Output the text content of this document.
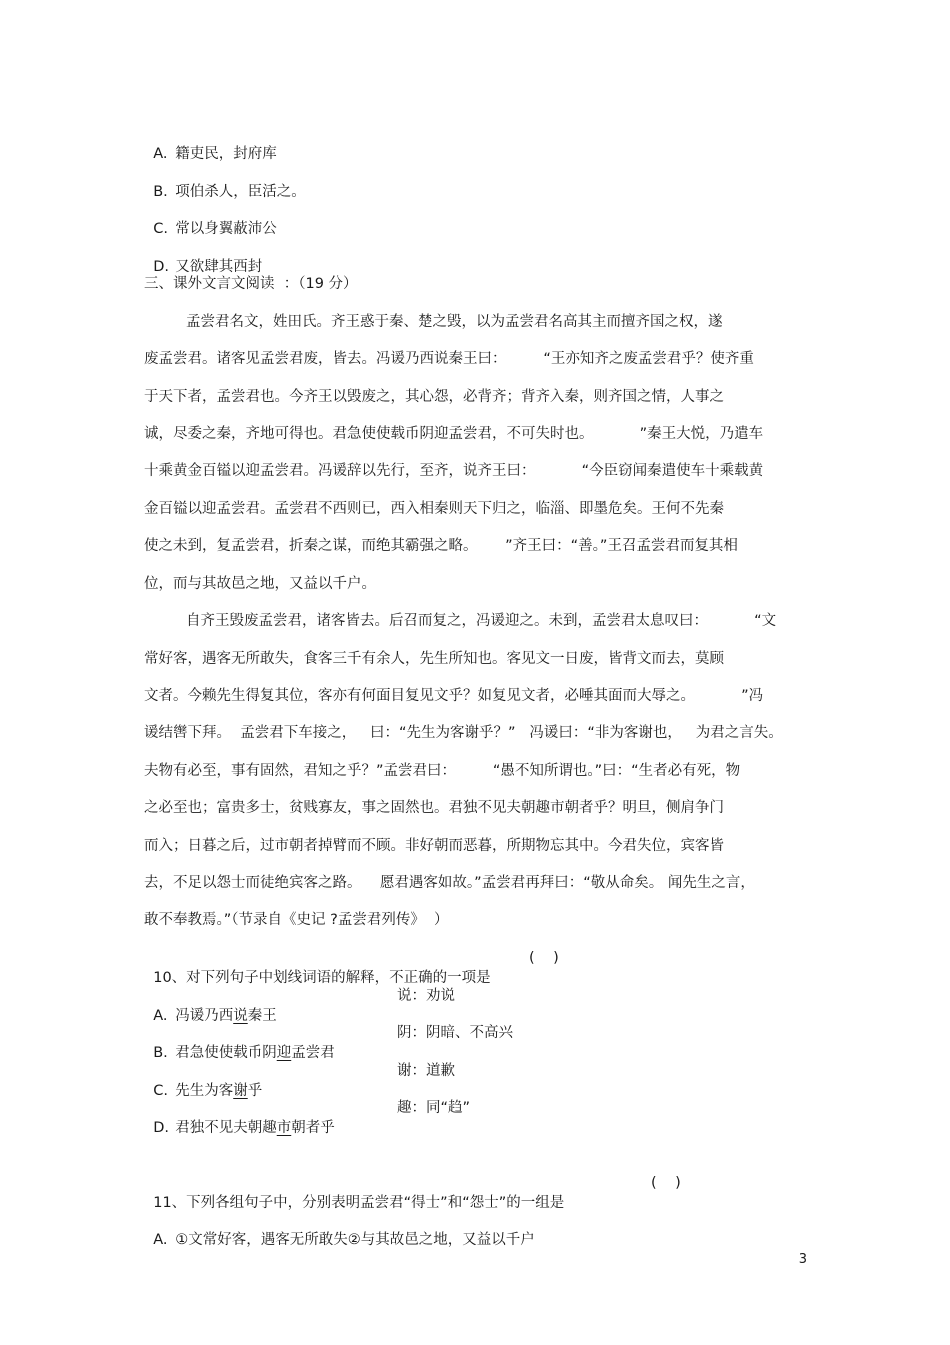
A. 籍吏民，封府库

B. 项伯杀人，臣活之。

C. 常以身翼蔽沛公

D. 又欲肆其西封

三、课外文言文阅读  ：（19 分）
孟尝君名文，姓田氏。齐王惑于秦、楚之毁，以为孟尝君名高其主而擅齐国之权，遂
废孟尝君。诸客见孟尝君废，皆去。冯谖乃西说秦王曰：        “王亦知齐之废孟尝君乎？使齐重
于天下者，孟尝君也。今齐王以毁废之，其心怨，必背齐；背齐入秦，则齐国之情，人事之
诚，尽委之秦，齐地可得也。君急使使载币阴迎孟尝君，不可失时也。          ”秦王大悦，乃遣车
十乘黄金百镒以迎孟尝君。冯谖辞以先行，至齐，说齐王曰：          “今臣窃闻秦遣使车十乘载黄
金百镒以迎孟尝君。孟尝君不西则已，西入相秦则天下归之，临淄、即墨危矣。王何不先秦
使之未到，复孟尝君，折秦之谋，而绝其霸强之略。      ”齐王曰：“善。”王召孟尝君而复其相
位，而与其故邑之地，又益以千户。
自齐王毁废孟尝君，诸客皆去。后召而复之，冯谖迎之。未到，孟尝君太息叹曰：          “文
常好客，遇客无所敢失，食客三千有余人，先生所知也。客见文一日废，皆背文而去，莫顾
文者。今赖先生得复其位，客亦有何面目复见文乎？如复见文者，必唾其面而大辱之。          ”冯
谖结辔下拜。  孟尝君下车接之，   曰：“先生为客谢乎？”   冯谖曰：“非为客谢也，   为君之言失。
夫物有必至，事有固然，君知之乎？”孟尝君曰：        “愚不知所谓也。”曰：“生者必有死，物
之必至也；富贵多士，贫贱寡友，事之固然也。君独不见夫朝趣市朝者乎？明旦，侧肩争门
而入；日暮之后，过市朝者掉臂而不顾。非好朝而恶暮，所期物忘其中。今君失位，宾客皆
去，不足以怨士而徒绝宾客之路。    愿君遇客如故。”孟尝君再拜曰：“敬从命矣。 闻先生之言，
敢不奉教焉。”（节录自《史记 ?孟尝君列传》  ）

10、对下列句子中划线词语的解释，不正确的一项是

(    )

A. 冯谖乃西说秦王

说：劝说

B. 君急使使载币阴迎孟尝君

阴：阴暗、不高兴

C. 先生为客谢乎

谢：道歉

D. 君独不见夫朝趣市朝者乎

趣：同“趋”

11、下列各组句子中，分别表明孟尝君“得士”和“怨士”的一组是

(    )

A. ①文常好客，遇客无所敢失②与其故邑之地，又益以千户

3
